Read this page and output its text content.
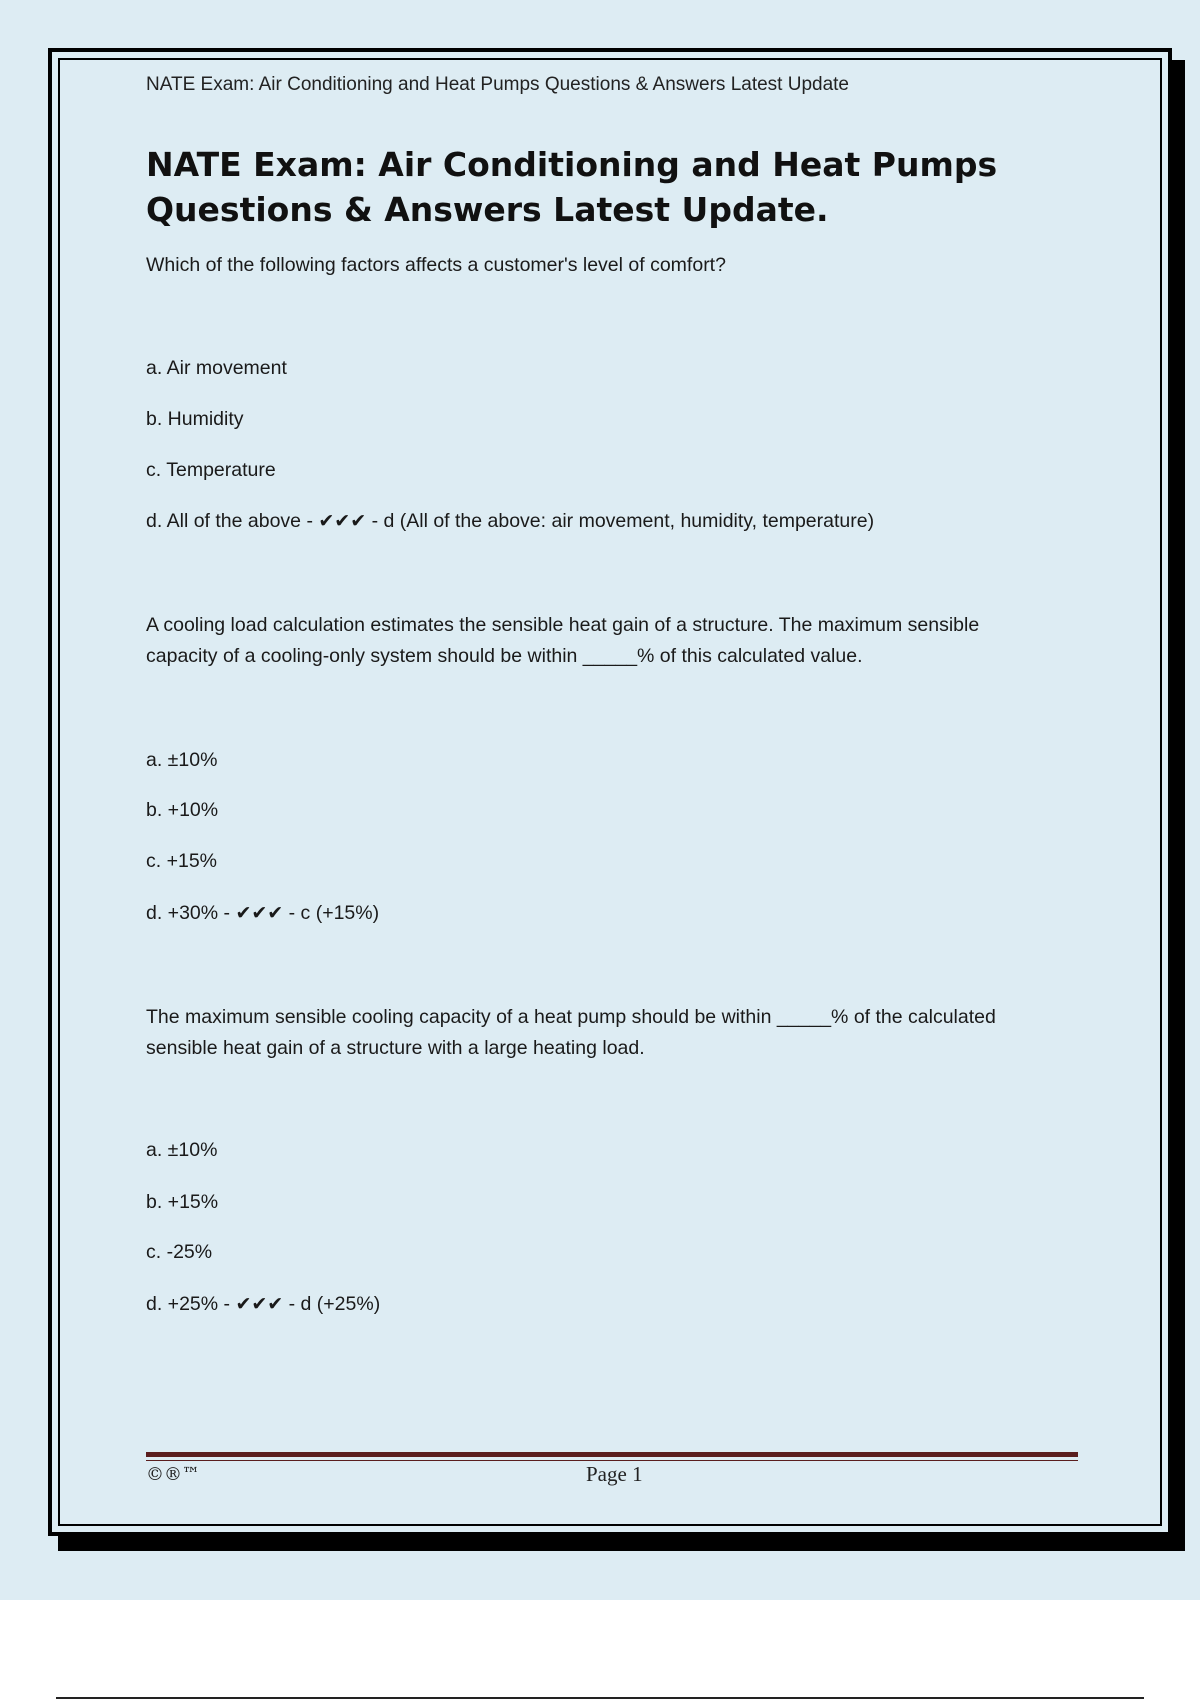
NATE Exam: Air Conditioning and Heat Pumps Questions & Answers Latest Update
NATE Exam: Air Conditioning and Heat Pumps Questions & Answers Latest Update.
Which of the following factors affects a customer's level of comfort?
a. Air movement
b. Humidity
c. Temperature
d. All of the above - ✔✔✔ - d (All of the above: air movement, humidity, temperature)
A cooling load calculation estimates the sensible heat gain of a structure. The maximum sensible capacity of a cooling-only system should be within _____% of this calculated value.
a. ±10%
b. +10%
c. +15%
d. +30% - ✔✔✔ - c (+15%)
The maximum sensible cooling capacity of a heat pump should be within _____% of the calculated sensible heat gain of a structure with a large heating load.
a. ±10%
b. +15%
c. -25%
d. +25% - ✔✔✔ - d (+25%)
©®™	Page 1
